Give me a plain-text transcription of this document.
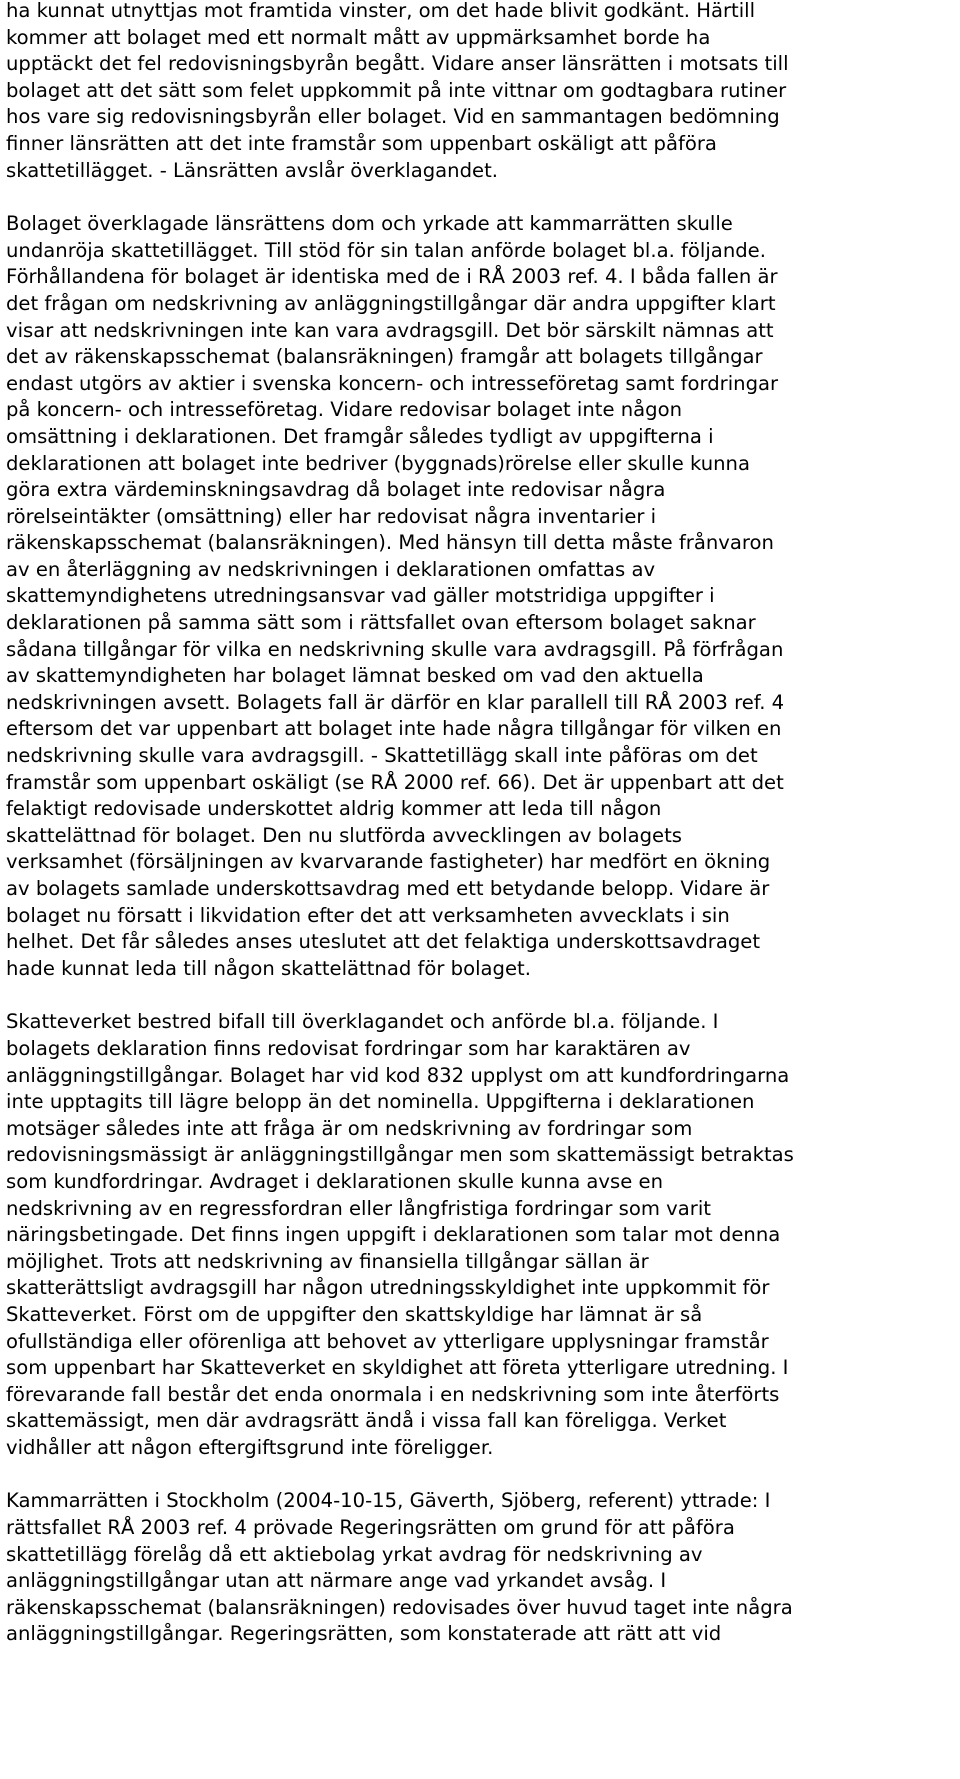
ha kunnat utnyttjas mot framtida vinster, om det hade blivit godkänt. Härtill
kommer att bolaget med ett normalt mått av uppmärksamhet borde ha
upptäckt det fel redovisningsbyrån begått. Vidare anser länsrätten i motsats till
bolaget att det sätt som felet uppkommit på inte vittnar om godtagbara rutiner
hos vare sig redovisningsbyrån eller bolaget. Vid en sammantagen bedömning
finner länsrätten att det inte framstår som uppenbart oskäligt att påföra
skattetillägget. - Länsrätten avslår överklagandet.
Bolaget överklagade länsrättens dom och yrkade att kammarrätten skulle
undanröja skattetillägget. Till stöd för sin talan anförde bolaget bl.a. följande.
Förhållandena för bolaget är identiska med de i RÅ 2003 ref. 4. I båda fallen är
det frågan om nedskrivning av anläggningstillgångar där andra uppgifter klart
visar att nedskrivningen inte kan vara avdragsgill. Det bör särskilt nämnas att
det av räkenskapsschemat (balansräkningen) framgår att bolagets tillgångar
endast utgörs av aktier i svenska koncern- och intresseföretag samt fordringar
på koncern- och intresseföretag. Vidare redovisar bolaget inte någon
omsättning i deklarationen. Det framgår således tydligt av uppgifterna i
deklarationen att bolaget inte bedriver (byggnads)rörelse eller skulle kunna
göra extra värdeminskningsavdrag då bolaget inte redovisar några
rörelseintäkter (omsättning) eller har redovisat några inventarier i
räkenskapsschemat (balansräkningen). Med hänsyn till detta måste frånvaron
av en återläggning av nedskrivningen i deklarationen omfattas av
skattemyndighetens utredningsansvar vad gäller motstridiga uppgifter i
deklarationen på samma sätt som i rättsfallet ovan eftersom bolaget saknar
sådana tillgångar för vilka en nedskrivning skulle vara avdragsgill. På förfrågan
av skattemyndigheten har bolaget lämnat besked om vad den aktuella
nedskrivningen avsett. Bolagets fall är därför en klar parallell till RÅ 2003 ref. 4
eftersom det var uppenbart att bolaget inte hade några tillgångar för vilken en
nedskrivning skulle vara avdragsgill. - Skattetillägg skall inte påföras om det
framstår som uppenbart oskäligt (se RÅ 2000 ref. 66). Det är uppenbart att det
felaktigt redovisade underskottet aldrig kommer att leda till någon
skattelättnad för bolaget. Den nu slutförda avvecklingen av bolagets
verksamhet (försäljningen av kvarvarande fastigheter) har medfört en ökning
av bolagets samlade underskottsavdrag med ett betydande belopp. Vidare är
bolaget nu försatt i likvidation efter det att verksamheten avvecklats i sin
helhet. Det får således anses uteslutet att det felaktiga underskottsavdraget
hade kunnat leda till någon skattelättnad för bolaget.
Skatteverket bestred bifall till överklagandet och anförde bl.a. följande. I
bolagets deklaration finns redovisat fordringar som har karaktären av
anläggningstillgångar. Bolaget har vid kod 832 upplyst om att kundfordringarna
inte upptagits till lägre belopp än det nominella. Uppgifterna i deklarationen
motsäger således inte att fråga är om nedskrivning av fordringar som
redovisningsmässigt är anläggningstillgångar men som skattemässigt betraktas
som kundfordringar. Avdraget i deklarationen skulle kunna avse en
nedskrivning av en regressfordran eller långfristiga fordringar som varit
näringsbetingade. Det finns ingen uppgift i deklarationen som talar mot denna
möjlighet. Trots att nedskrivning av finansiella tillgångar sällan är
skatterättsligt avdragsgill har någon utredningsskyldighet inte uppkommit för
Skatteverket. Först om de uppgifter den skattskyldige har lämnat är så
ofullständiga eller oförenliga att behovet av ytterligare upplysningar framstår
som uppenbart har Skatteverket en skyldighet att företa ytterligare utredning. I
förevarande fall består det enda onormala i en nedskrivning som inte återförts
skattemässigt, men där avdragsrätt ändå i vissa fall kan föreligga. Verket
vidhåller att någon eftergiftsgrund inte föreligger.
Kammarrätten i Stockholm (2004-10-15, Gäverth, Sjöberg, referent) yttrade: I
rättsfallet RÅ 2003 ref. 4 prövade Regeringsrätten om grund för att påföra
skattetillägg förelåg då ett aktiebolag yrkat avdrag för nedskrivning av
anläggningstillgångar utan att närmare ange vad yrkandet avsåg. I
räkenskapsschemat (balansräkningen) redovisades över huvud taget inte några
anläggningstillgångar. Regeringsrätten, som konstaterade att rätt att vid
